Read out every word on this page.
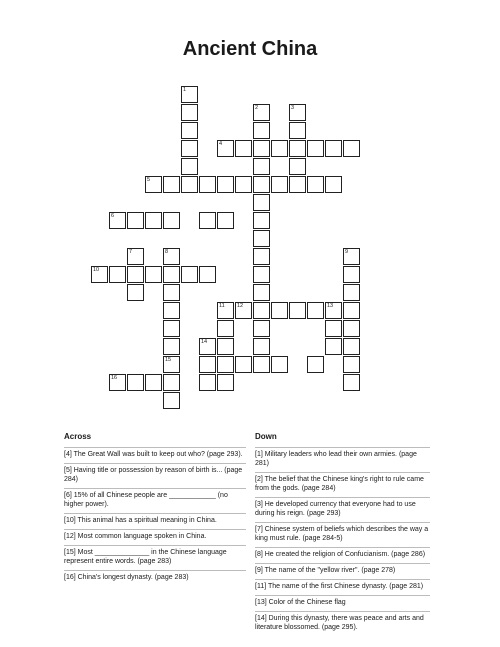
Ancient China
1
2	3
4
5
6
7	8
15
10
9
11 12	13
14
16
Across	Down
[4] The Great Wall was built to keep out who? (page 293).
[5] Having title or possession by reason of birth is... (page 284)
[6] 15% of all Chinese people are ____________ (no higher power).
[10] This animal has a spiritual meaning in China.
[12] Most common language spoken in China.
[15] Most ______________ in the Chinese language represent entire words. (page 283)
[16] China's longest dynasty. (page 283)
[1] Military leaders who lead their own armies. (page 281)
[2] The belief that the Chinese king's right to rule came from the gods. (page 284)
[3] He developed currency that everyone had to use during his reign. (page 293)
[7] Chinese system of beliefs which describes the way a king must rule. (page 284-5)
[8] He created the religion of Confucianism. (page 286)
[9] The name of the "yellow river". (page 278)
[11] The name of the first Chinese dynasty. (page 281)
[13] Color of the Chinese flag
[14] During this dynasty, there was peace and arts and literature blossomed. (page 295).
